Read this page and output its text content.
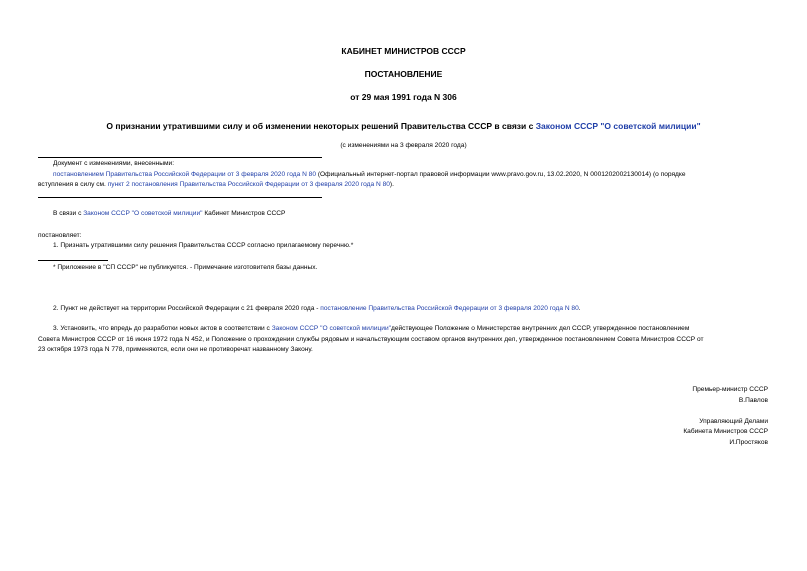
КАБИНЕТ МИНИСТРОВ СССР
ПОСТАНОВЛЕНИЕ
от 29 мая 1991 года N 306
О признании утратившими силу и об изменении некоторых решений Правительства СССР в связи с Законом СССР "О советской милиции"
(с изменениями на 3 февраля 2020 года)
Документ с изменениями, внесенными:
постановлением Правительства Российской Федерации от 3 февраля 2020 года N 80 (Официальный интернет-портал правовой информации www.pravo.gov.ru, 13.02.2020, N 0001202002130014) (о порядке
вступления в силу см. пункт 2 постановления Правительства Российской Федерации от 3 февраля 2020 года N 80).
В связи с Законом СССР "О советской милиции" Кабинет Министров СССР
постановляет:
1. Признать утратившими силу решения Правительства СССР согласно прилагаемому перечню.*
* Приложение в "СП СССР" не публикуется. - Примечание изготовителя базы данных.
2. Пункт не действует на территории Российской Федерации с 21 февраля 2020 года - постановление Правительства Российской Федерации от 3 февраля 2020 года N 80.
3. Установить, что впредь до разработки новых актов в соответствии с Законом СССР "О советской милиции"действующее Положение о Министерстве внутренних дел СССР, утвержденное постановлением
Совета Министров СССР от 16 июня 1972 года N 452, и Положение о прохождении службы рядовым и начальствующим составом органов внутренних дел, утвержденное постановлением Совета Министров СССР от
23 октября 1973 года N 778, применяются, если они не противоречат названному Закону.
Премьер-министр СССР
В.Павлов
Управляющий Делами
Кабинета Министров СССР
И.Простяков
